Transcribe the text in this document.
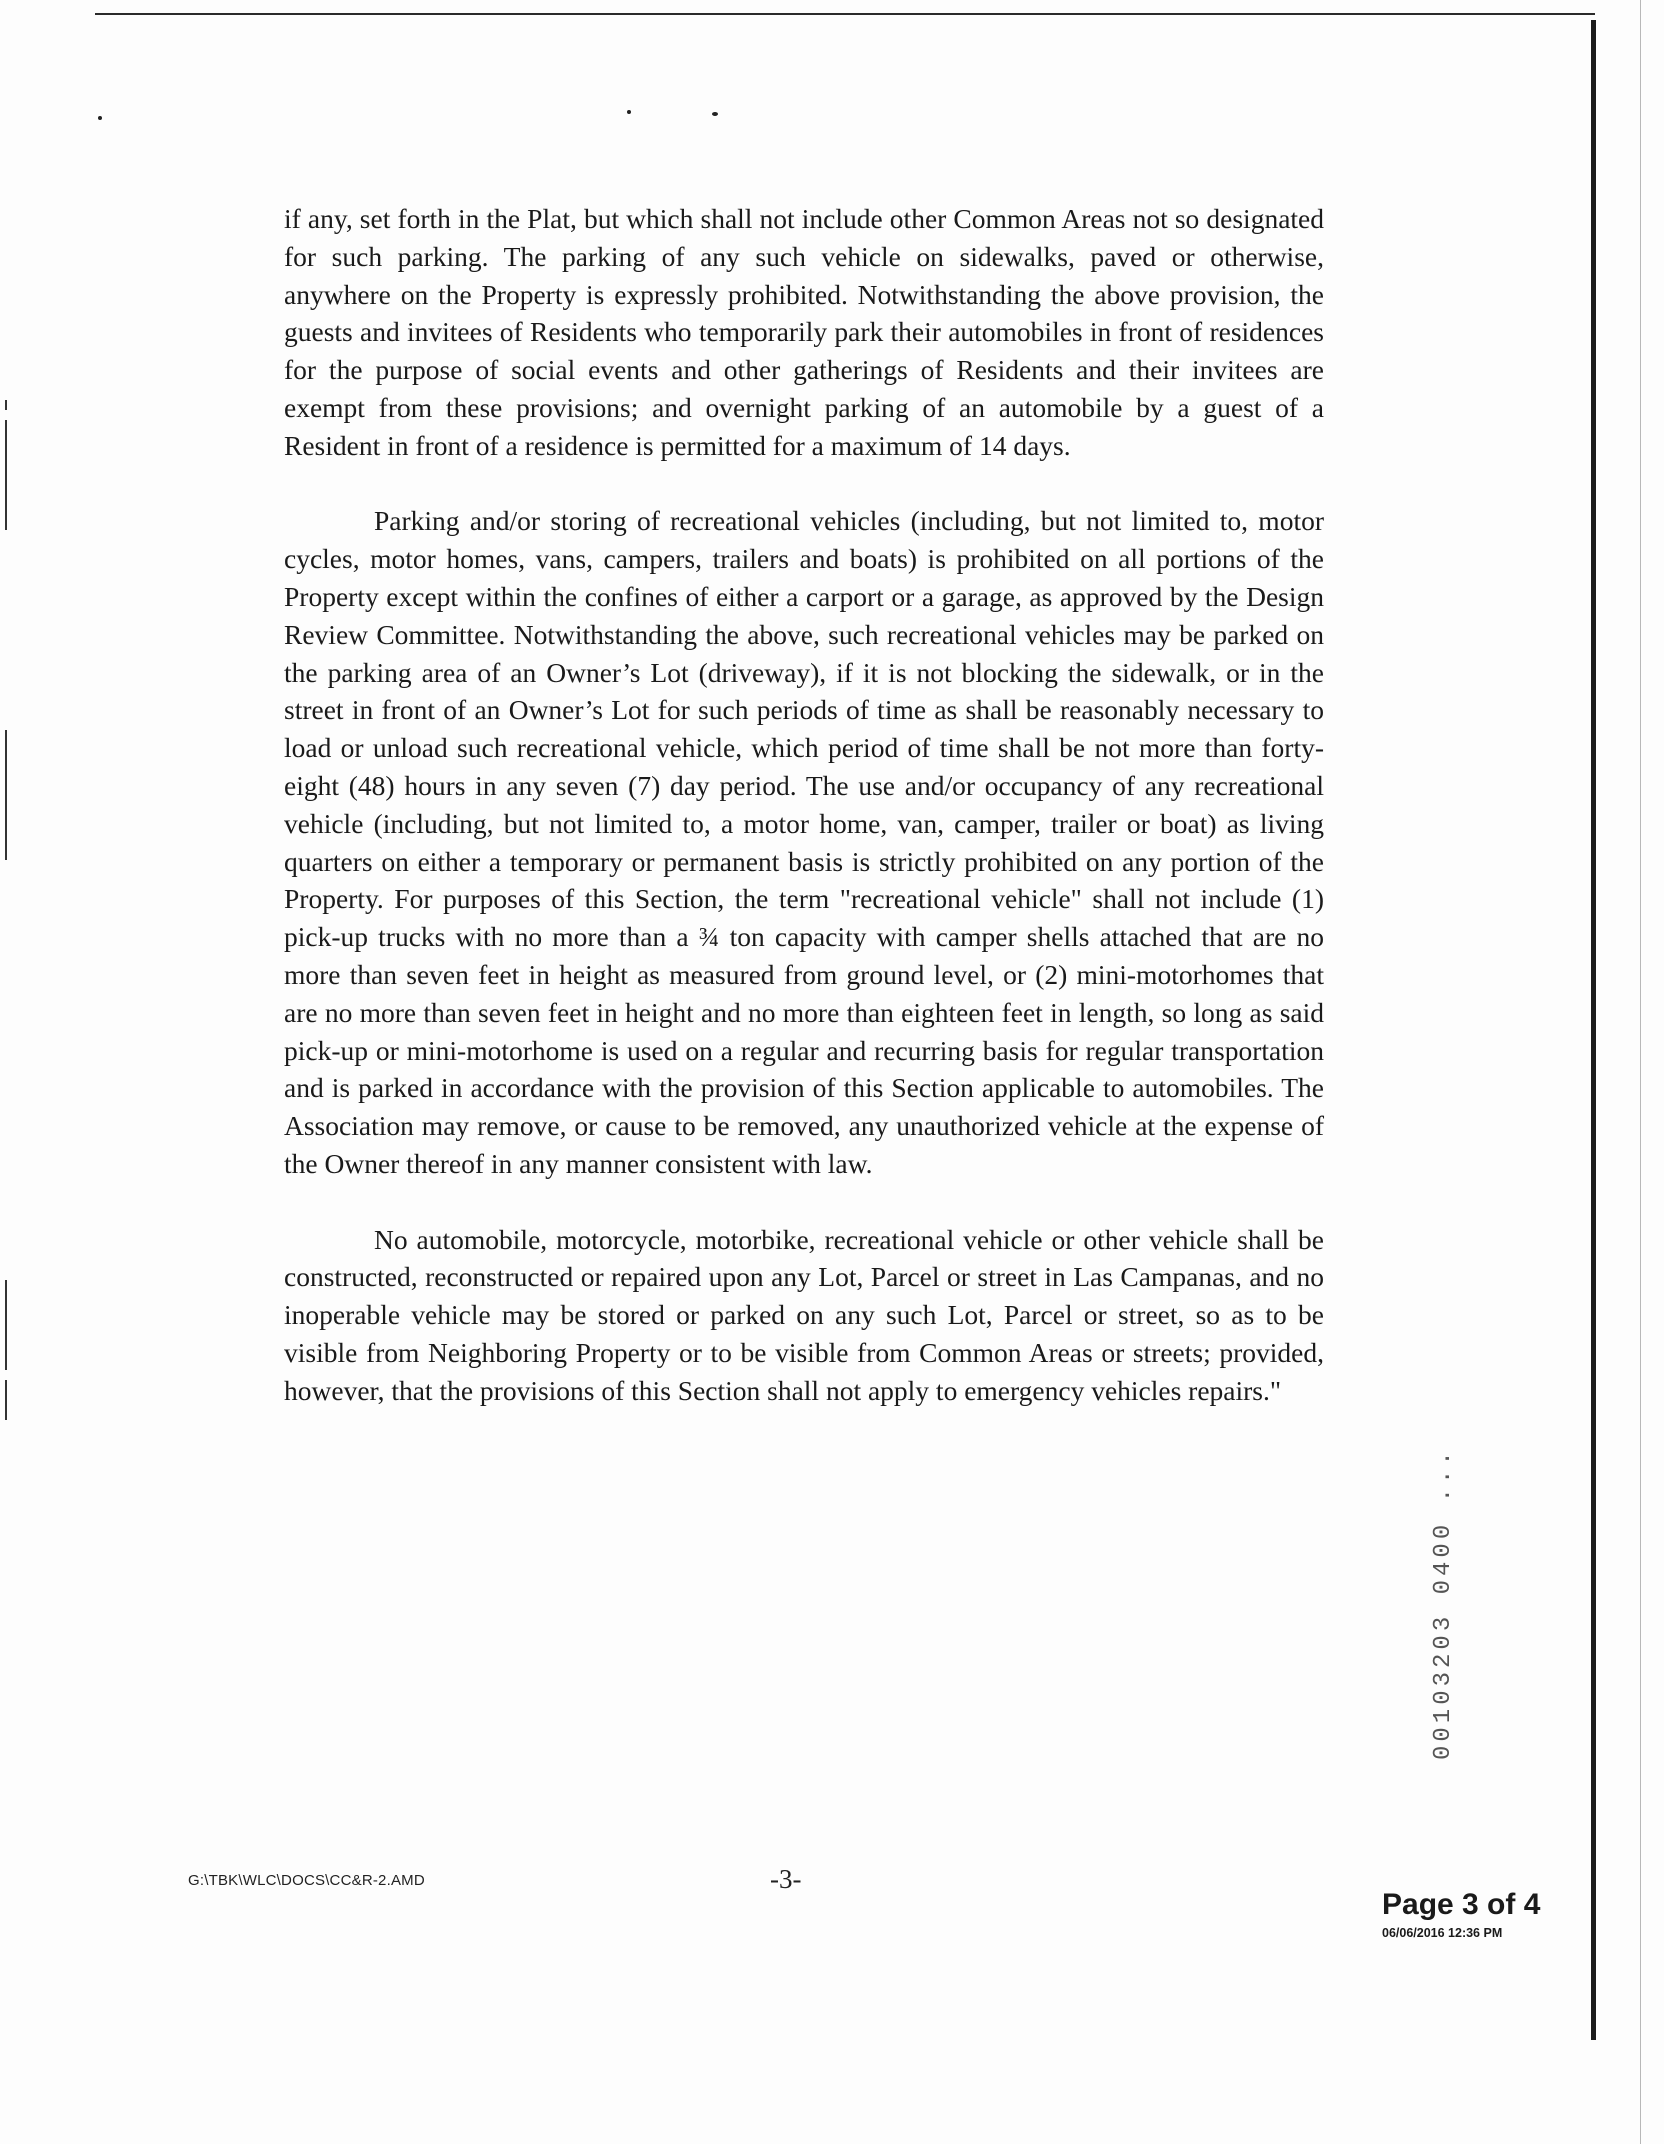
if any, set forth in the Plat, but which shall not include other Common Areas not so designated for such parking. The parking of any such vehicle on sidewalks, paved or otherwise, anywhere on the Property is expressly prohibited. Notwithstanding the above provision, the guests and invitees of Residents who temporarily park their automobiles in front of residences for the purpose of social events and other gatherings of Residents and their invitees are exempt from these provisions; and overnight parking of an automobile by a guest of a Resident in front of a residence is permitted for a maximum of 14 days.

Parking and/or storing of recreational vehicles (including, but not limited to, motor cycles, motor homes, vans, campers, trailers and boats) is prohibited on all portions of the Property except within the confines of either a carport or a garage, as approved by the Design Review Committee. Notwithstanding the above, such recreational vehicles may be parked on the parking area of an Owner’s Lot (driveway), if it is not blocking the sidewalk, or in the street in front of an Owner’s Lot for such periods of time as shall be reasonably necessary to load or unload such recreational vehicle, which period of time shall be not more than forty-eight (48) hours in any seven (7) day period. The use and/or occupancy of any recreational vehicle (including, but not limited to, a motor home, van, camper, trailer or boat) as living quarters on either a temporary or permanent basis is strictly prohibited on any portion of the Property. For purposes of this Section, the term "recreational vehicle" shall not include (1) pick-up trucks with no more than a ¾ ton capacity with camper shells attached that are no more than seven feet in height as measured from ground level, or (2) mini-motorhomes that are no more than seven feet in height and no more than eighteen feet in length, so long as said pick-up or mini-motorhome is used on a regular and recurring basis for regular transportation and is parked in accordance with the provision of this Section applicable to automobiles. The Association may remove, or cause to be removed, any unauthorized vehicle at the expense of the Owner thereof in any manner consistent with law.

No automobile, motorcycle, motorbike, recreational vehicle or other vehicle shall be constructed, reconstructed or repaired upon any Lot, Parcel or street in Las Campanas, and no inoperable vehicle may be stored or parked on any such Lot, Parcel or street, so as to be visible from Neighboring Property or to be visible from Common Areas or streets; provided, however, that the provisions of this Section shall not apply to emergency vehicles repairs."

G:\TBK\WLC\DOCS\CC&R-2.AMD	-3-
00103203 0400 ...
Page 3 of 4
06/06/2016 12:36 PM
